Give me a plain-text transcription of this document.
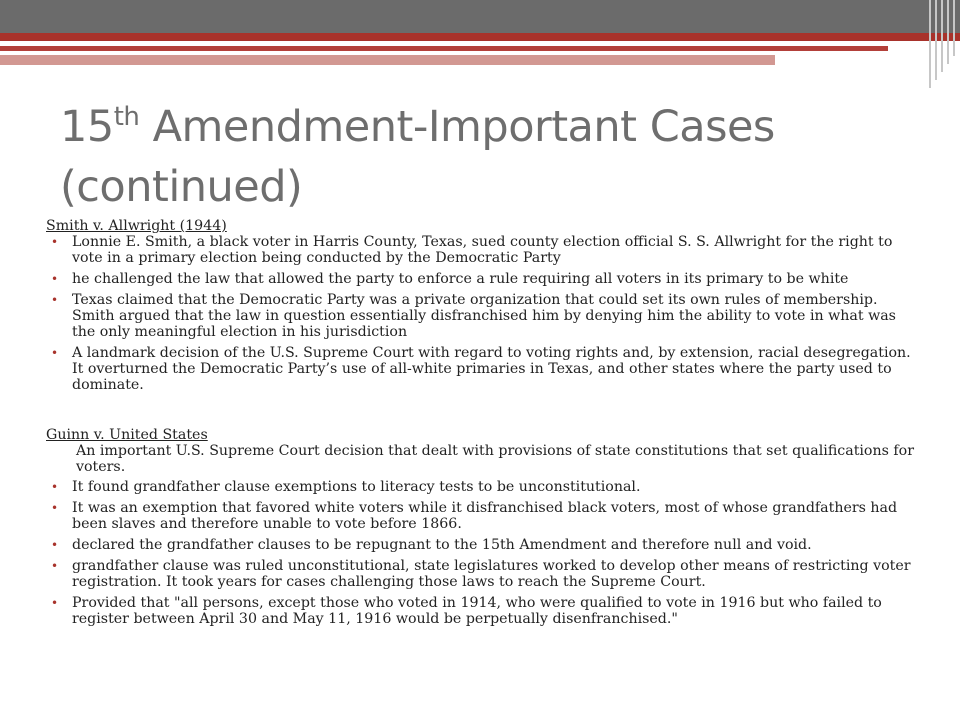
15th Amendment-Important Cases (continued)

Smith v. Allwright (1944)

• Lonnie E. Smith, a black voter in Harris County, Texas, sued county election official S. S. Allwright for the right to vote in a primary election being conducted by the Democratic Party
• he challenged the law that allowed the party to enforce a rule requiring all voters in its primary to be white
• Texas claimed that the Democratic Party was a private organization that could set its own rules of membership. Smith argued that the law in question essentially disfranchised him by denying him the ability to vote in what was the only meaningful election in his jurisdiction
• A landmark decision of the U.S. Supreme Court with regard to voting rights and, by extension, racial desegregation. It overturned the Democratic Party’s use of all-white primaries in Texas, and other states where the party used to dominate.

Guinn v. United States

An important U.S. Supreme Court decision that dealt with provisions of state constitutions that set qualifications for voters.

• It found grandfather clause exemptions to literacy tests to be unconstitutional.
• It was an exemption that favored white voters while it disfranchised black voters, most of whose grandfathers had been slaves and therefore unable to vote before 1866.
• declared the grandfather clauses to be repugnant to the 15th Amendment and therefore null and void.
• grandfather clause was ruled unconstitutional, state legislatures worked to develop other means of restricting voter registration. It took years for cases challenging those laws to reach the Supreme Court.
• Provided that "all persons, except those who voted in 1914, who were qualified to vote in 1916 but who failed to register between April 30 and May 11, 1916 would be perpetually disenfranchised."
